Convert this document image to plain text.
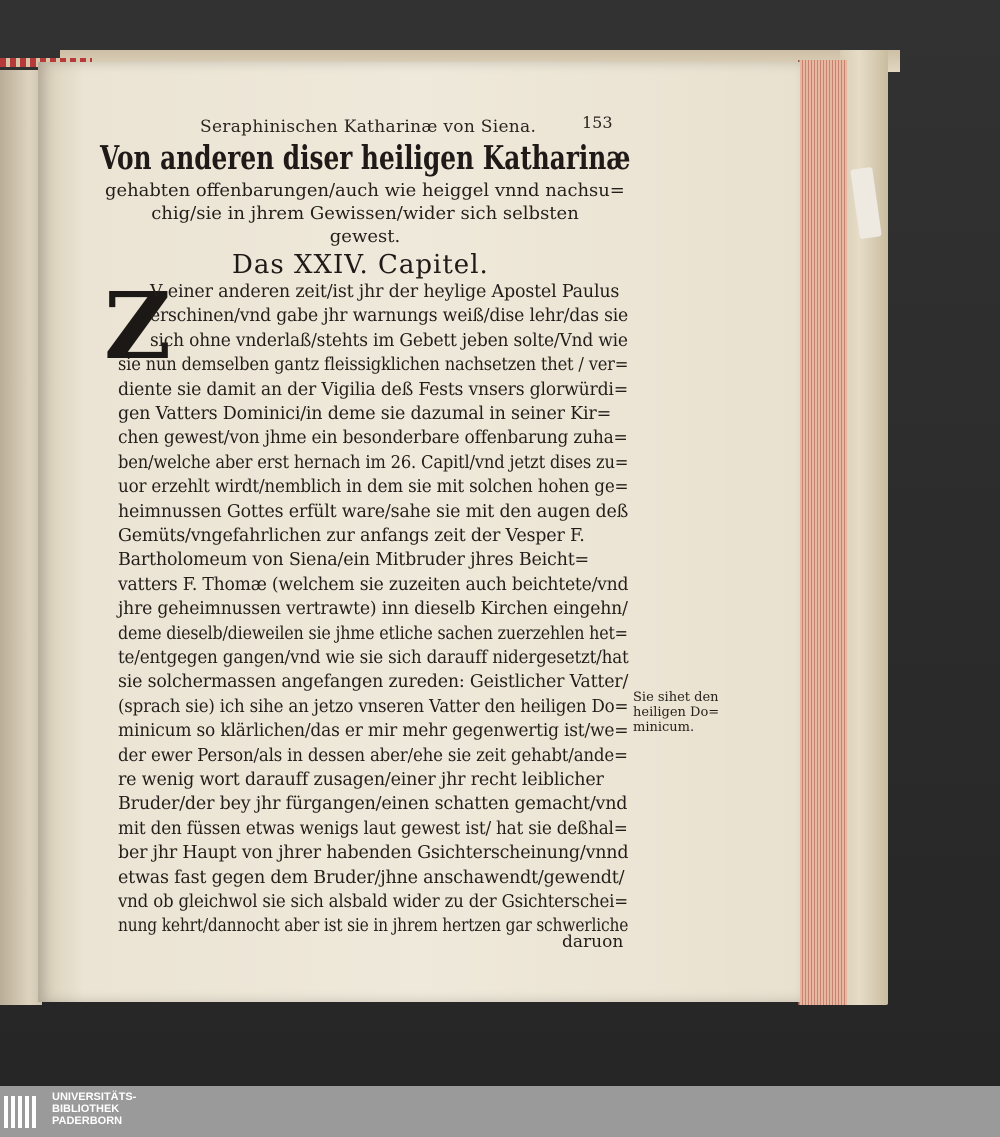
Seraphinischen Katharinæ von Siena.	153
Von anderen diser heiligen Katharinæ
gehabten offenbarungen/auch wie heiggel vnnd nachsu=
chig/sie in jhrem Gewissen/wider sich selbsten
gewest.
Das XXIV. Capitel.
Z
V einer anderen zeit/ist jhr der heylige Apostel Paulus
erschinen/vnd gabe jhr warnungs weiß/dise lehr/das sie
sich ohne vnderlaß/stehts im Gebett jeben solte/Vnd wie
sie nun demselben gantz fleissigklichen nachsetzen thet / ver=
diente sie damit an der Vigilia deß Fests vnsers glorwürdi=
gen Vatters Dominici/in deme sie dazumal in seiner Kir=
chen gewest/von jhme ein besonderbare offenbarung zuha=
ben/welche aber erst hernach im 26. Capitl/vnd jetzt dises zu=
uor erzehlt wirdt/nemblich in dem sie mit solchen hohen ge=
heimnussen Gottes erfült ware/sahe sie mit den augen deß
Gemüts/vngefahrlichen zur anfangs zeit der Vesper F.
Bartholomeum von Siena/ein Mitbruder jhres Beicht=
vatters F. Thomæ (welchem sie zuzeiten auch beichtete/vnd
jhre geheimnussen vertrawte) inn dieselb Kirchen eingehn/
deme dieselb/dieweilen sie jhme etliche sachen zuerzehlen het=
te/entgegen gangen/vnd wie sie sich darauff nidergesetzt/hat
sie solchermassen angefangen zureden: Geistlicher Vatter/
(sprach sie) ich sihe an jetzo vnseren Vatter den heiligen Do=
minicum so klärlichen/das er mir mehr gegenwertig ist/we=
der ewer Person/als in dessen aber/ehe sie zeit gehabt/ande=
re wenig wort darauff zusagen/einer jhr recht leiblicher
Bruder/der bey jhr fürgangen/einen schatten gemacht/vnd
mit den füssen etwas wenigs laut gewest ist/ hat sie deßhal=
ber jhr Haupt von jhrer habenden Gsichterscheinung/vnnd
etwas fast gegen dem Bruder/jhne anschawendt/gewendt/
vnd ob gleichwol sie sich alsbald wider zu der Gsichterschei=
nung kehrt/dannocht aber ist sie in jhrem hertzen gar schwerliche
Sie sihet den
heiligen Do=
minicum.
daruon
UNIVERSITÄTS-
BIBLIOTHEK
PADERBORN
